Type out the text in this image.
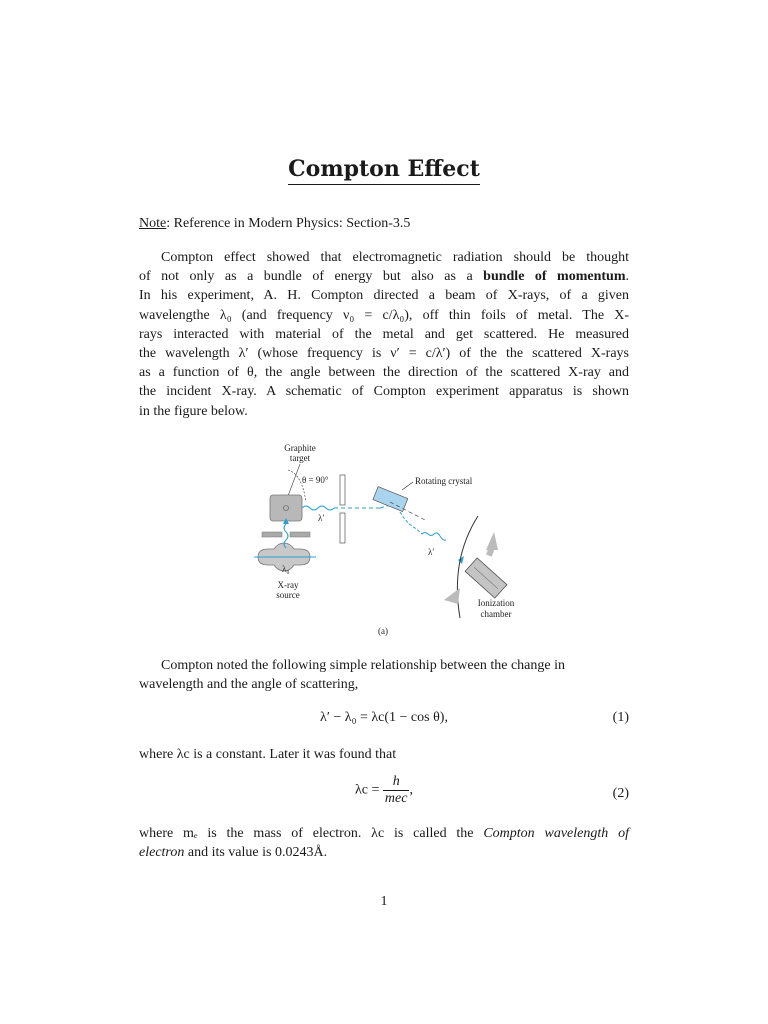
Compton Effect
Note: Reference in Modern Physics: Section-3.5
Compton effect showed that electromagnetic radiation should be thought
of not only as a bundle of energy but also as a bundle of momentum.
In his experiment, A. H. Compton directed a beam of X-rays, of a given
wavelengthe λ₀ (and frequency ν₀ = c/λ₀), off thin foils of metal. The X-
rays interacted with material of the metal and get scattered. He measured
the wavelength λ′ (whose frequency is ν′ = c/λ′) of the the scattered X-rays
as a function of θ, the angle between the direction of the scattered X-ray and
the incident X-ray. A schematic of Compton experiment apparatus is shown
in the figure below.
Graphite
target
θ = 90°	Rotating crystal
λ′
λ′
Ionization
chamber
λ₀
X-ray
source
(a)
Compton noted the following simple relationship between the change in
wavelength and the angle of scattering,
λ′ − λ₀ = λc(1 − cos θ),	(1)
where λc is a constant. Later it was found that
$\lambda c = \frac{h}{\text{mec}}$ ,	(2)
where mₑ is the mass of electron. λc is called the Compton wavelength of
electron and its value is 0.0243Å.
1
